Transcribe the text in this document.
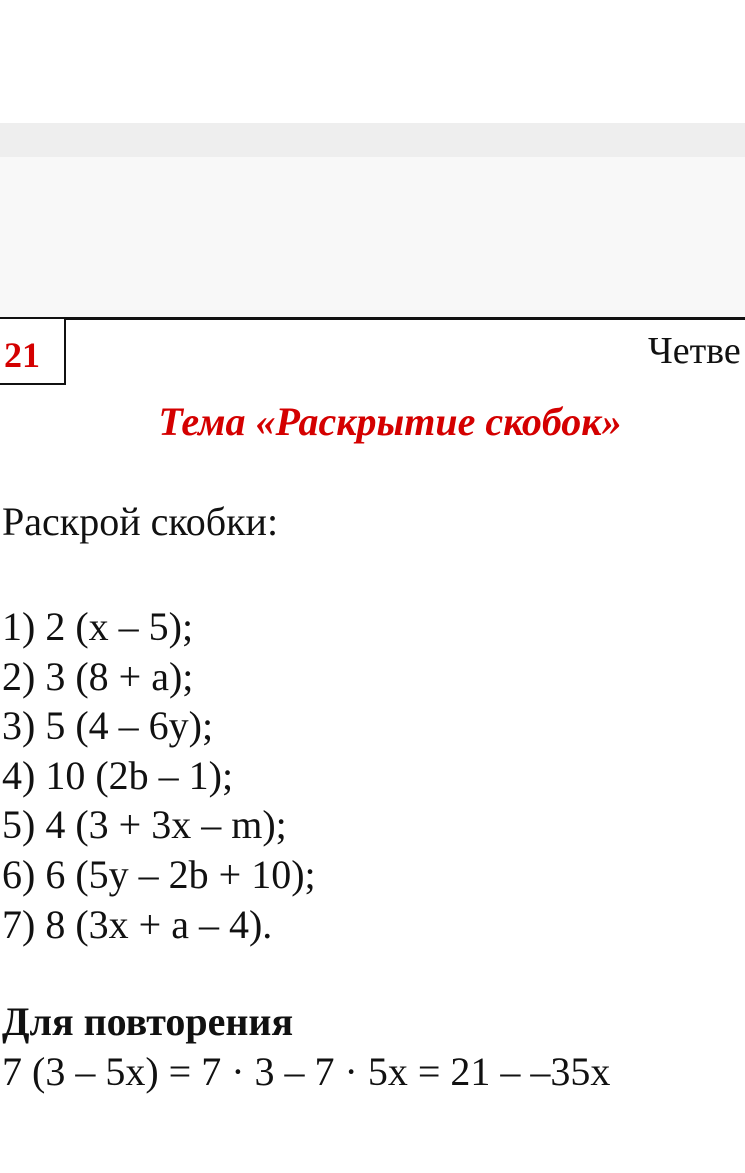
21	Четве
Тема «Раскрытие скобок»
Раскрой скобки:
1) 2 (x – 5);
2) 3 (8 + a);
3) 5 (4 – 6y);
4) 10 (2b – 1);
5) 4 (3 + 3x – m);
6) 6 (5y – 2b + 10);
7) 8 (3x + a – 4).
Для повторения
7 (3 – 5x) = 7 · 3 – 7 · 5x = 21 – –35x
